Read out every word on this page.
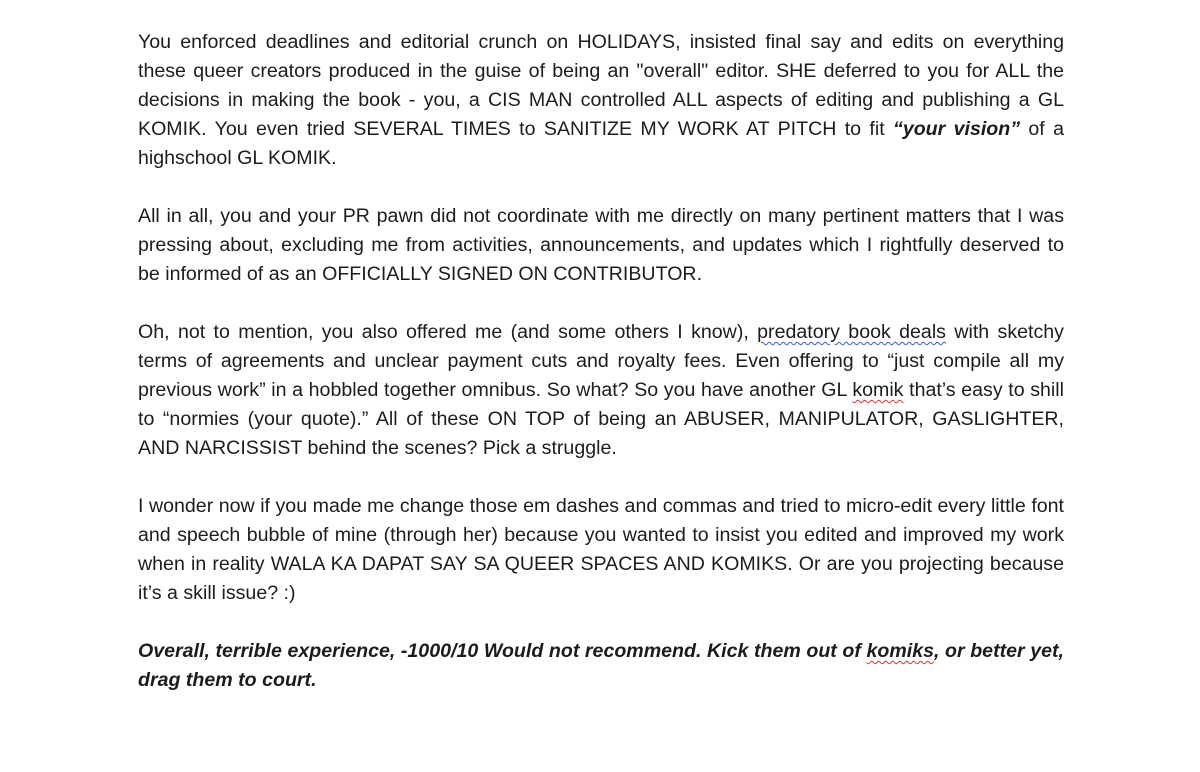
You enforced deadlines and editorial crunch on HOLIDAYS, insisted final say and edits on everything these queer creators produced in the guise of being an "overall" editor. SHE deferred to you for ALL the decisions in making the book - you, a CIS MAN controlled ALL aspects of editing and publishing a GL KOMIK. You even tried SEVERAL TIMES to SANITIZE MY WORK AT PITCH to fit “your vision” of a highschool GL KOMIK.

All in all, you and your PR pawn did not coordinate with me directly on many pertinent matters that I was pressing about, excluding me from activities, announcements, and updates which I rightfully deserved to be informed of as an OFFICIALLY SIGNED ON CONTRIBUTOR.

Oh, not to mention, you also offered me (and some others I know), predatory book deals with sketchy terms of agreements and unclear payment cuts and royalty fees. Even offering to “just compile all my previous work” in a hobbled together omnibus. So what? So you have another GL komik that’s easy to shill to “normies (your quote).” All of these ON TOP of being an ABUSER, MANIPULATOR, GASLIGHTER, AND NARCISSIST behind the scenes? Pick a struggle.

I wonder now if you made me change those em dashes and commas and tried to micro-edit every little font and speech bubble of mine (through her) because you wanted to insist you edited and improved my work when in reality WALA KA DAPAT SAY SA QUEER SPACES AND KOMIKS. Or are you projecting because it’s a skill issue? :)

Overall, terrible experience, -1000/10 Would not recommend. Kick them out of komiks, or better yet, drag them to court.
